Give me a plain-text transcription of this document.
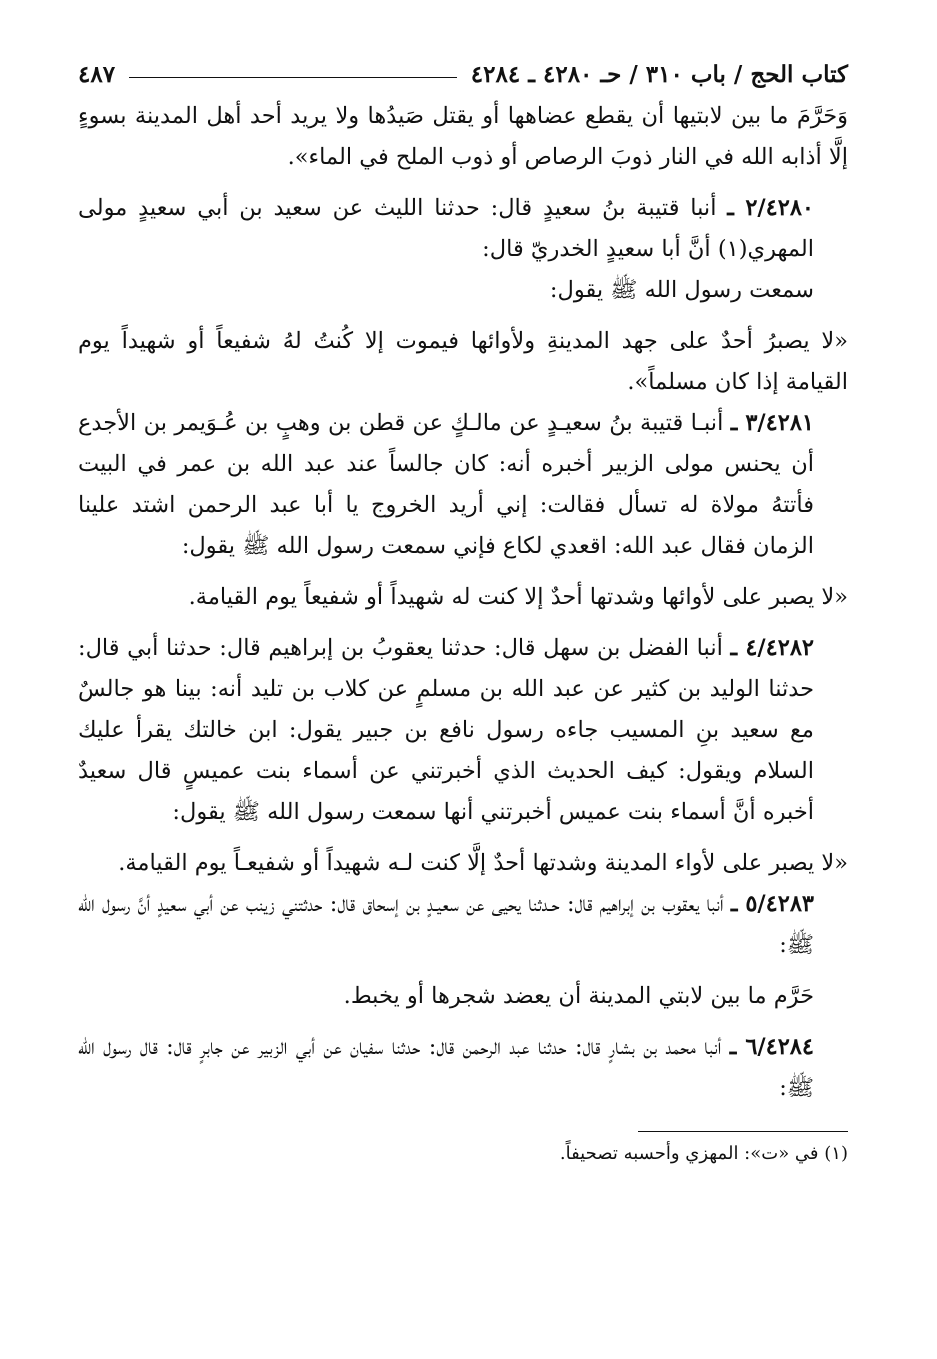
كتاب الحج / باب ٣١٠ / حـ ٤٢٨٠ ـ ٤٢٨٤
٤٨٧

وَحَرَّمَ ما بين لابتيها أن يقطع عضاهها أو يقتل صَيدُها ولا يريد أحد أهل المدينة بسوءٍ إلَّا أذابه الله في النار ذوبَ الرصاص أو ذوب الملح في الماء».

٢/٤٢٨٠ ـ أنبا قتيبة بنُ سعيدٍ قال: حدثنا الليث عن سعيد بن أبي سعيدٍ مولى المهري(١) أنَّ أبا سعيدٍ الخدريّ قال:

سمعت رسول الله ﷺ يقول:

«لا يصبرُ أحدٌ على جهد المدينةِ ولأوائها فيموت إلا كُنتُ لهُ شفيعاً أو شهيداً يوم القيامة إذا كان مسلماً».

٣/٤٢٨١ ـ أنبـا قتيبة بنُ سعيـدٍ عن مالـكٍ عن قطن بن وهبٍ بن عُـوَيمر بن الأجدع أن يحنس مولى الزبير أخبره أنه: كان جالساً عند عبد الله بن عمر في البيت فأتتهُ مولاة له تسأل فقالت: إني أريد الخروج يا أبا عبد الرحمن اشتد علينا الزمان فقال عبد الله: اقعدي لكاع فإني سمعت رسول الله ﷺ يقول:

«لا يصبر على لأوائها وشدتها أحدٌ إلا كنت له شهيداً أو شفيعاً يوم القيامة.

٤/٤٢٨٢ ـ أنبا الفضل بن سهل قال: حدثنا يعقوبُ بن إبراهيم قال: حدثنا أبي قال: حدثنا الوليد بن كثير عن عبد الله بن مسلمٍ عن كلاب بن تليد أنه: بينا هو جالسٌ مع سعيد بنِ المسيب جاءه رسول نافع بن جبير يقول: ابن خالتك يقرأ عليك السلام ويقول: كيف الحديث الذي أخبرتني عن أسماء بنت عميسٍ قال سعيدٌ أخبره أنَّ أسماء بنت عميس أخبرتني أنها سمعت رسول الله ﷺ يقول:

«لا يصبر على لأواء المدينة وشدتها أحدٌ إلَّا كنت لـه شهيداً أو شفيعـاً يوم القيامة.

٥/٤٢٨٣ ـ أنبا يعقوب بن إبراهيم قال: حـدثنا يحيى عن سعيـدٍ بن إسحاق قال: حدثتني زينب عن أبي سعيدٍ أنَّ رسول الله ﷺ:

حَرَّم ما بين لابتي المدينة أن يعضد شجرها أو يخبط.

٦/٤٢٨٤ ـ أنبا محمد بن بشارٍ قال: حدثنا عبد الرحمن قال: حدثنا سفيان عن أبي الزبير عن جابرٍ قال: قال رسول الله ﷺ:

(١) في «ت»: المهزي وأحسبه تصحيفاً.
